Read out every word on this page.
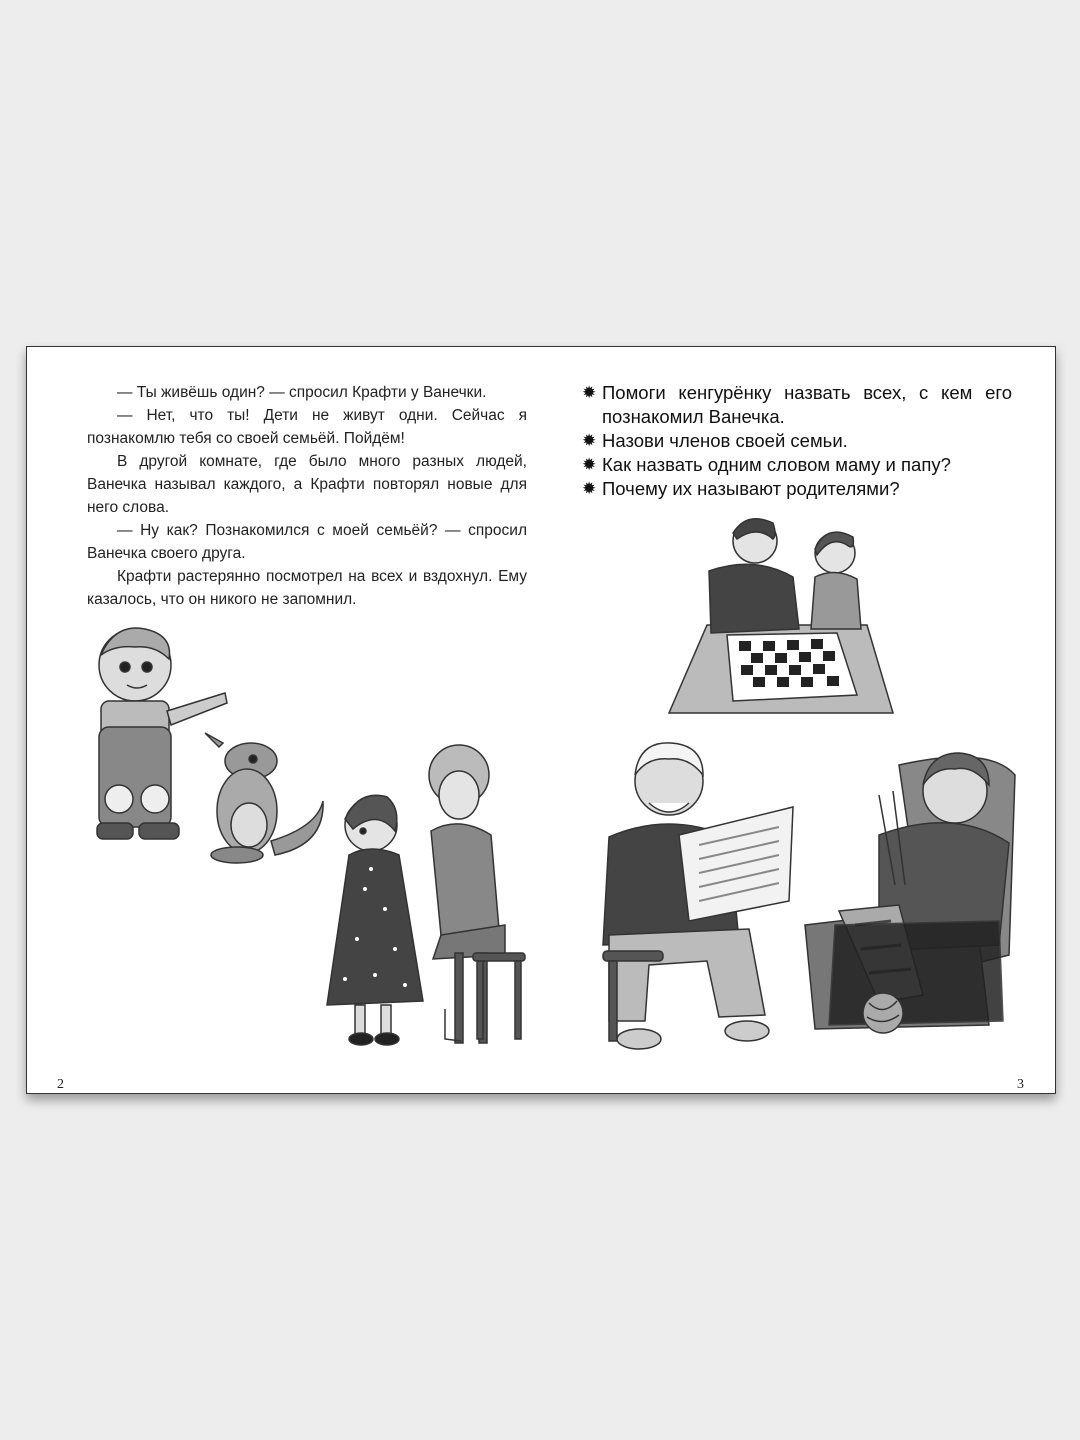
— Ты живёшь один? — спросил Крафти у Ванечки.

— Нет, что ты! Дети не живут одни. Сейчас я познакомлю тебя со своей семьёй. Пойдём!

В другой комнате, где было много разных людей, Ванечка называл каждого, а Крафти повторял новые для него слова.

— Ну как? Познакомился с моей семьёй? — спросил Ванечка своего друга.

Крафти растерянно посмотрел на всех и вздохнул. Ему казалось, что он никого не запомнил.

✹ Помоги кенгурёнку назвать всех, с кем его познакомил Ванечка.
✹ Назови членов своей семьи.
✹ Как назвать одним словом маму и папу?
✹ Почему их называют родителями?
2	3
